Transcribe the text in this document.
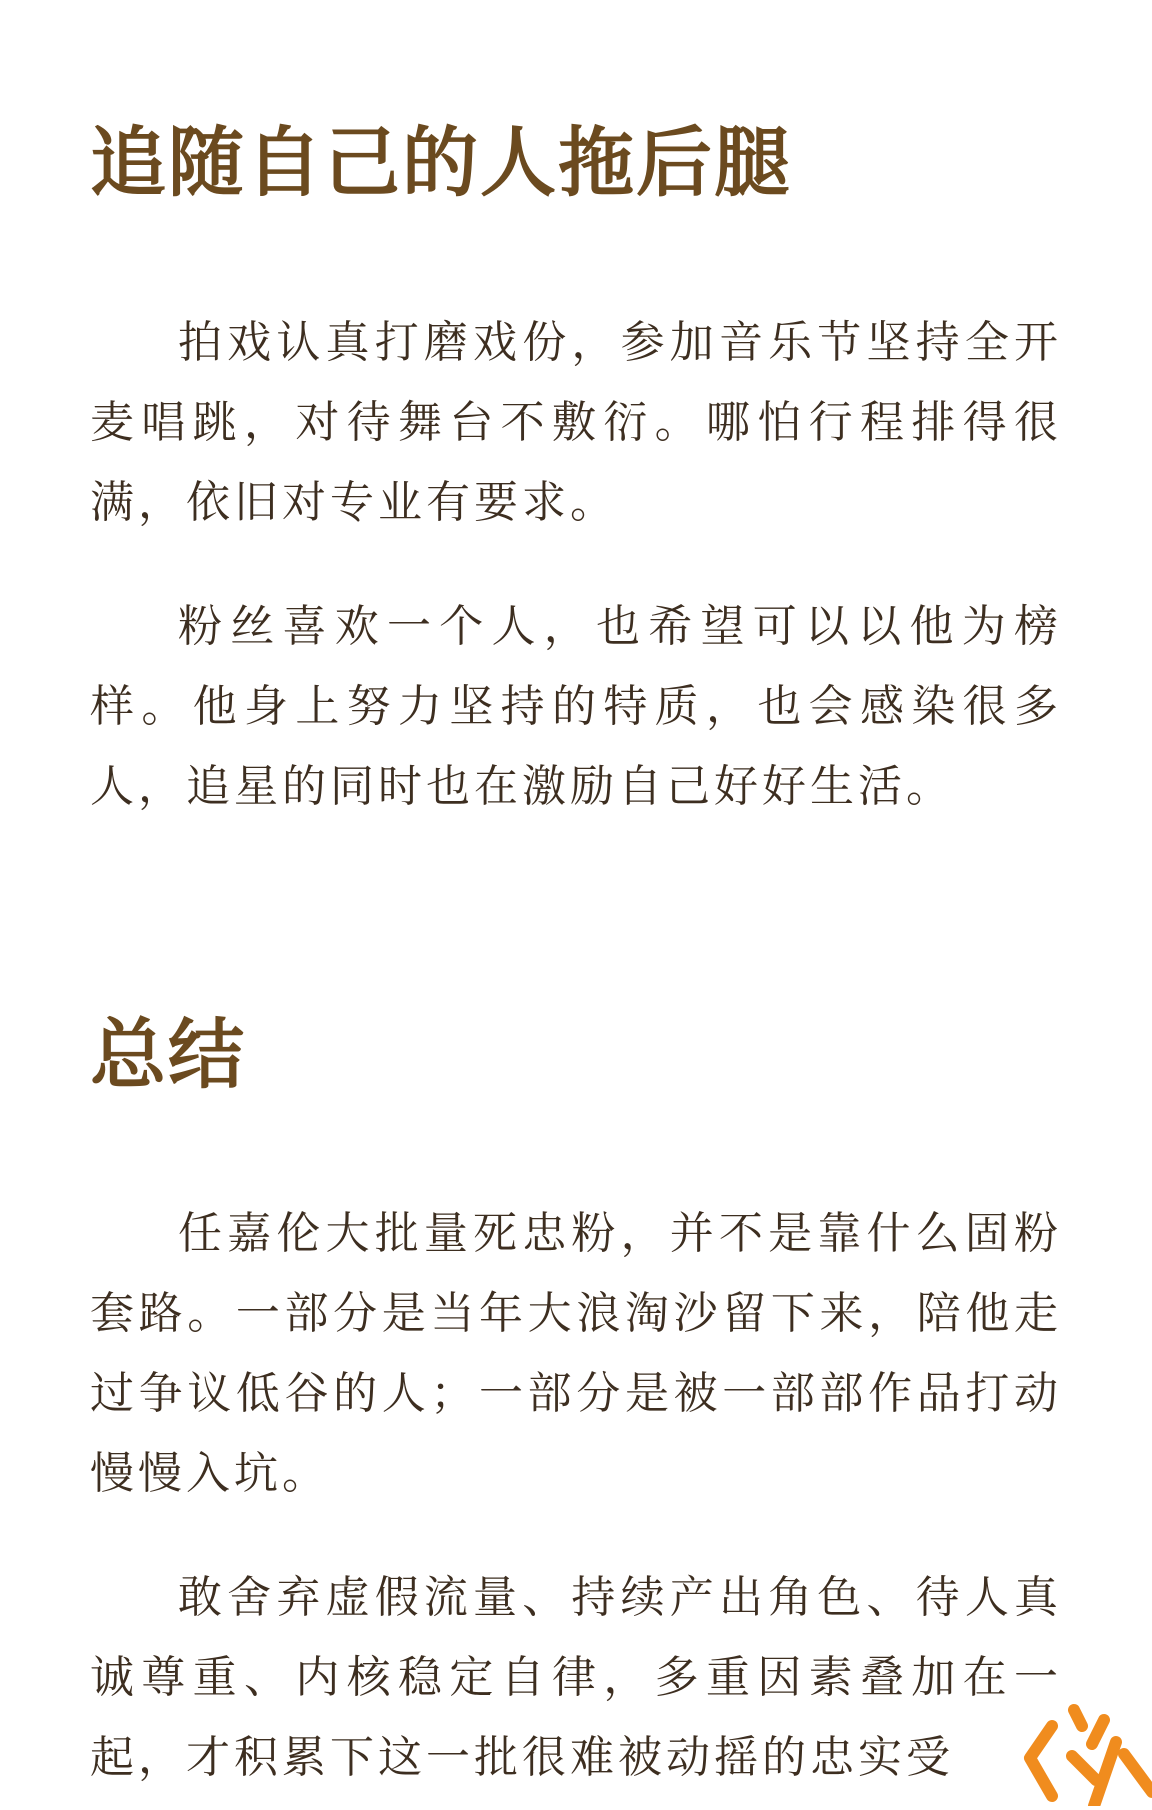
追随自己的人拖后腿

拍戏认真打磨戏份，参加音乐节坚持全开麦唱跳，对待舞台不敷衍。哪怕行程排得很满，依旧对专业有要求。

粉丝喜欢一个人，也希望可以以他为榜样。他身上努力坚持的特质，也会感染很多人，追星的同时也在激励自己好好生活。

总结

任嘉伦大批量死忠粉，并不是靠什么固粉套路。一部分是当年大浪淘沙留下来，陪他走过争议低谷的人；一部分是被一部部作品打动慢慢入坑。

敢舍弃虚假流量、持续产出角色、待人真诚尊重、内核稳定自律，多重因素叠加在一起，才积累下这一批很难被动摇的忠实受
